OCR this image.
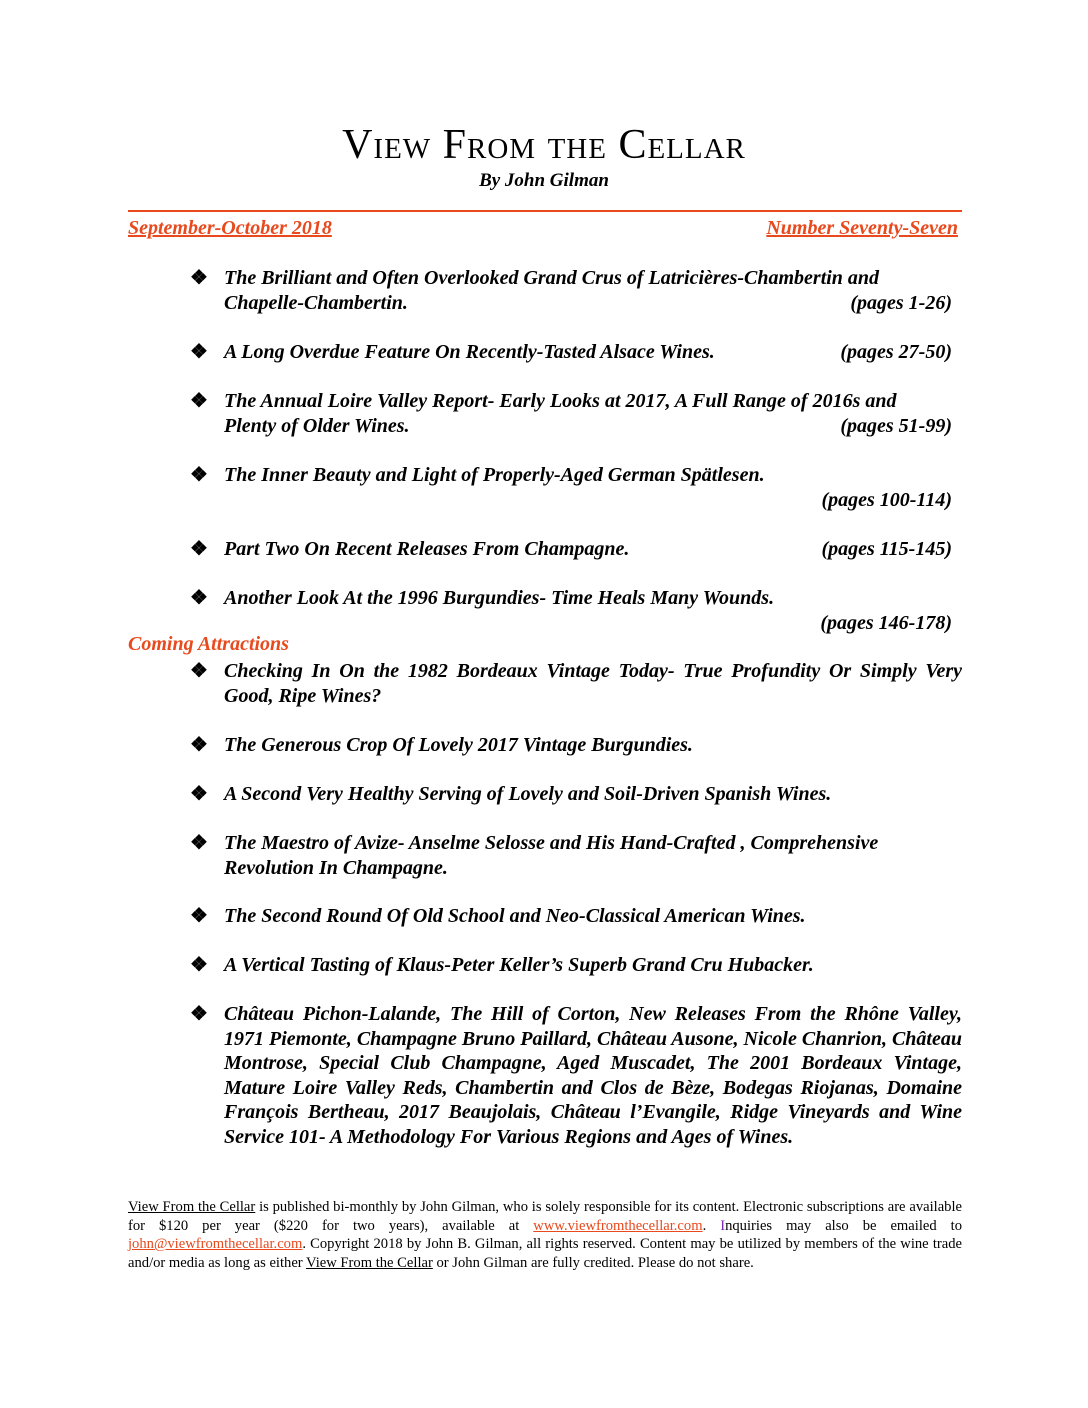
View From the Cellar
By John Gilman
September-October 2018	Number Seventy-Seven
❖ The Brilliant and Often Overlooked Grand Crus of Latricières-Chambertin and
Chapelle-Chambertin.	(pages 1-26)
❖ A Long Overdue Feature On Recently-Tasted Alsace Wines.	(pages 27-50)
❖ The Annual Loire Valley Report- Early Looks at 2017, A Full Range of 2016s and
Plenty of Older Wines.	(pages 51-99)
❖ The Inner Beauty and Light of Properly-Aged German Spätlesen.
(pages 100-114)
❖ Part Two On Recent Releases From Champagne.	(pages 115-145)
❖ Another Look At the 1996 Burgundies- Time Heals Many Wounds.
(pages 146-178)
Coming Attractions
❖ Checking In On the 1982 Bordeaux Vintage Today- True Profundity Or Simply Very Good, Ripe Wines?
❖ The Generous Crop Of Lovely 2017 Vintage Burgundies.
❖ A Second Very Healthy Serving of Lovely and Soil-Driven Spanish Wines.
❖ The Maestro of Avize- Anselme Selosse and His Hand-Crafted , Comprehensive Revolution In Champagne.
❖ The Second Round Of Old School and Neo-Classical American Wines.
❖ A Vertical Tasting of Klaus-Peter Keller’s Superb Grand Cru Hubacker.
❖ Château Pichon-Lalande, The Hill of Corton, New Releases From the Rhône Valley, 1971 Piemonte, Champagne Bruno Paillard, Château Ausone, Nicole Chanrion, Château Montrose, Special Club Champagne, Aged Muscadet, The 2001 Bordeaux Vintage, Mature Loire Valley Reds, Chambertin and Clos de Bèze, Bodegas Riojanas, Domaine François Bertheau, 2017 Beaujolais, Château l’Evangile, Ridge Vineyards and Wine Service 101- A Methodology For Various Regions and Ages of Wines.
View From the Cellar is published bi-monthly by John Gilman, who is solely responsible for its content. Electronic subscriptions are available for $120 per year ($220 for two years), available at www.viewfromthecellar.com. Inquiries may also be emailed to john@viewfromthecellar.com. Copyright 2018 by John B. Gilman, all rights reserved. Content may be utilized by members of the wine trade and/or media as long as either View From the Cellar or John Gilman are fully credited. Please do not share.
